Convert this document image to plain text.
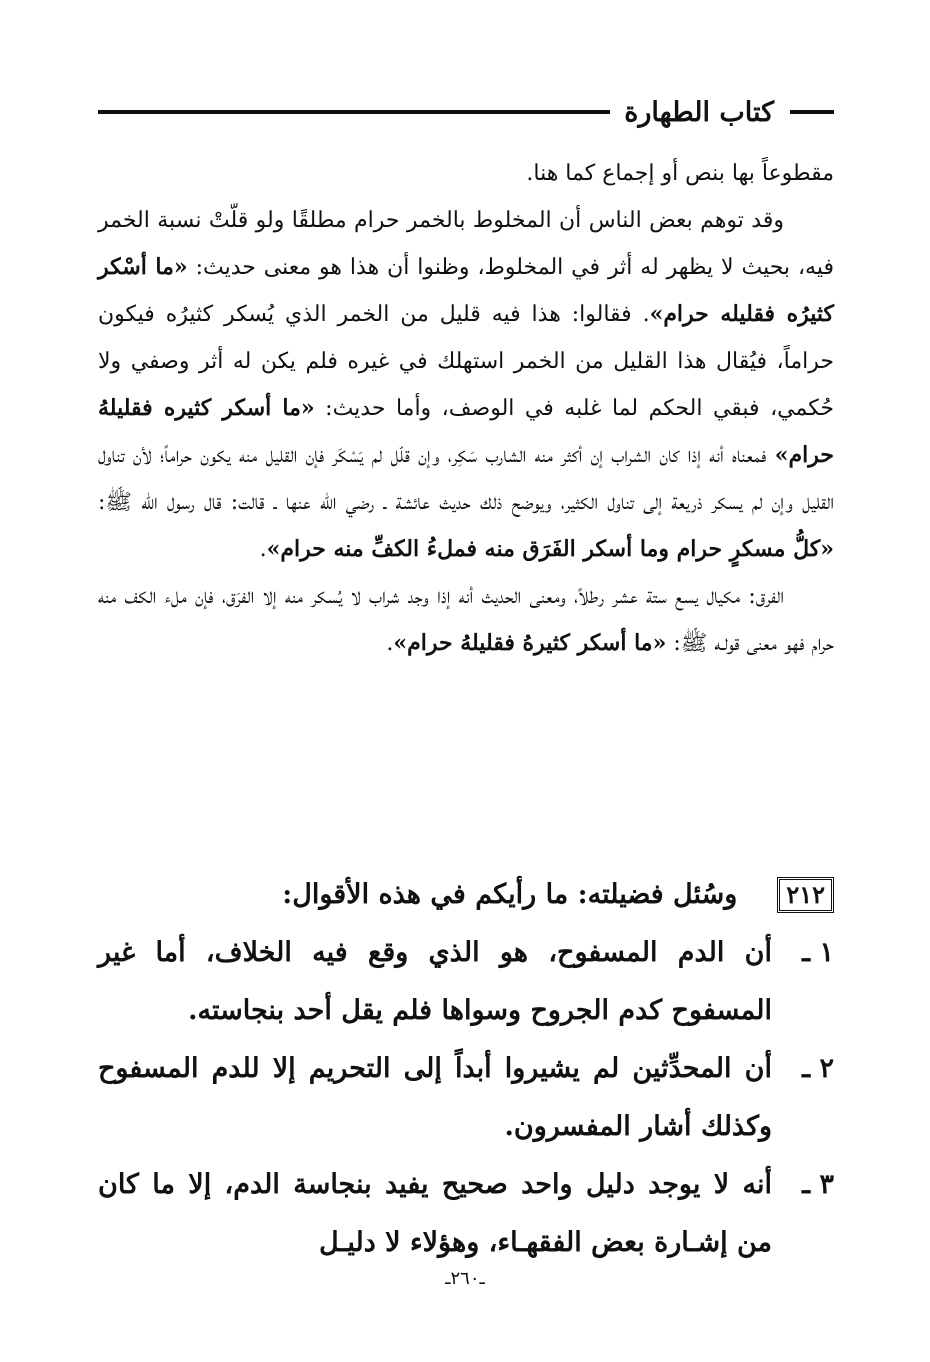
كتاب الطهارة

مقطوعاً بها بنص أو إجماع كما هنا.

وقد توهم بعض الناس أن المخلوط بالخمر حرام مطلقًا ولو قلّتْ نسبة الخمر فيه، بحيث لا يظهر له أثر في المخلوط، وظنوا أن هذا هو معنى حديث: «ما أسْكر كثيرُه فقليله حرام». فقالوا: هذا فيه قليل من الخمر الذي يُسكر كثيرُه فيكون حراماً، فيُقال هذا القليل من الخمر استهلك في غيره فلم يكن له أثر وصفي ولا حُكمي، فبقي الحكم لما غلبه في الوصف، وأما حديث: «ما أسكر كثيره فقليلهُ حرام» فمعناه أنه إذا كان الشراب إن أكثر منه الشارب سَكِر، وإن قلّل لم يَسْكَر فإن القليل منه يكون حراماً؛ لأن تناول القليل وإن لم يسكر ذريعة إلى تناول الكثير، ويوضح ذلك حديث عائشة ـ رضي الله عنها ـ قالت: قال رسول الله ﷺ: «كلُّ مسكرٍ حرام وما أسكر الفَرَق منه فملءُ الكفِّ منه حرام».

الفرق: مكيال يسع ستة عشر رطلاً، ومعنى الحديث أنه إذا وجد شراب لا يُسكر منه إلا الفرَق، فإن ملء الكف منه حرام فهو معنى قولـه ﷺ: «ما أسكر كثيرهُ فقليلهُ حرام».

٢١٢
وسُئل فضيلته: ما رأيكم في هذه الأقوال:
١ ـ
أن الدم المسفوح، هو الذي وقع فيه الخلاف، أما غير المسفوح كدم الجروح وسواها فلم يقل أحد بنجاسته.
٢ ـ
أن المحدِّثين لم يشيروا أبداً إلى التحريم إلا للدم المسفوح وكذلك أشار المفسرون.
٣ ـ
أنه لا يوجد دليل واحد صحيح يفيد بنجاسة الدم، إلا ما كان من إشـارة بعض الفقهـاء، وهؤلاء لا دليـل
ـ٢٦٠ـ
